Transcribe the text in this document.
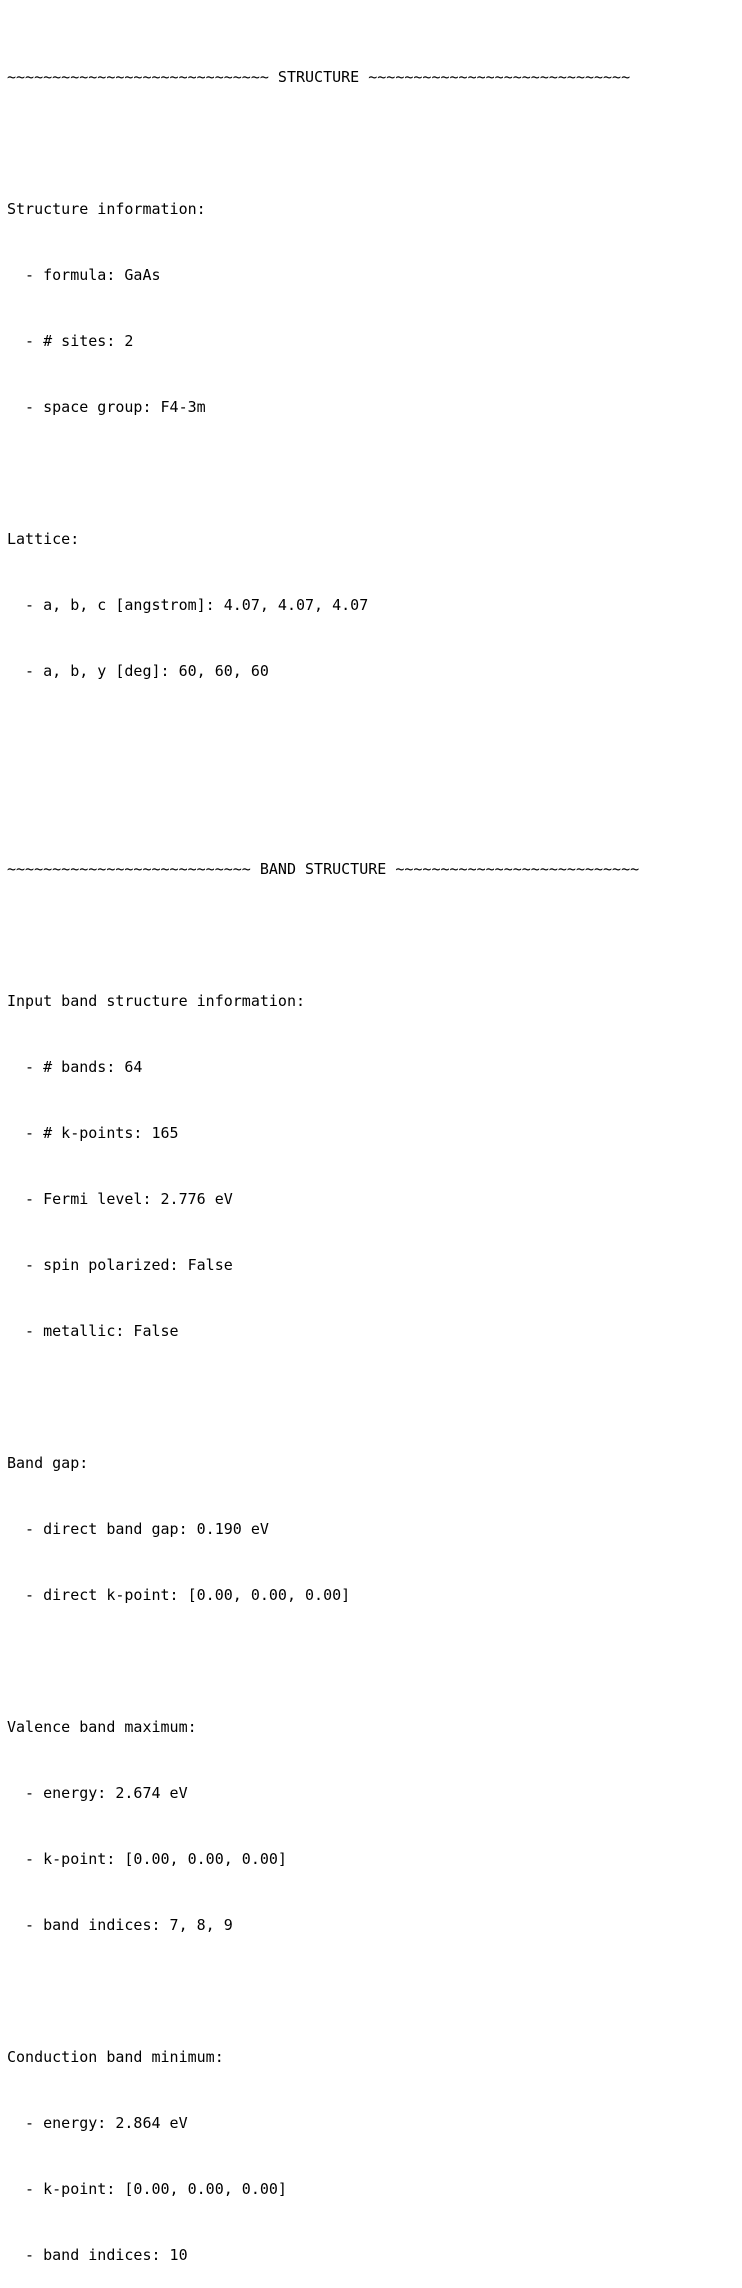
~~~~~~~~~~~~~~~~~~~~~~~~~~~~~ STRUCTURE ~~~~~~~~~~~~~~~~~~~~~~~~~~~~~

Structure information:

- formula: GaAs

- # sites: 2

- space group: F4-3m

Lattice:

- a, b, c [angstrom]: 4.07, 4.07, 4.07

- a, b, y [deg]: 60, 60, 60

~~~~~~~~~~~~~~~~~~~~~~~~~~~ BAND STRUCTURE ~~~~~~~~~~~~~~~~~~~~~~~~~~~

Input band structure information:

- # bands: 64

- # k-points: 165

- Fermi level: 2.776 eV

- spin polarized: False

- metallic: False

Band gap:

- direct band gap: 0.190 eV

- direct k-point: [0.00, 0.00, 0.00]

Valence band maximum:

- energy: 2.674 eV

- k-point: [0.00, 0.00, 0.00]

- band indices: 7, 8, 9

Conduction band minimum:

- energy: 2.864 eV

- k-point: [0.00, 0.00, 0.00]

- band indices: 10
